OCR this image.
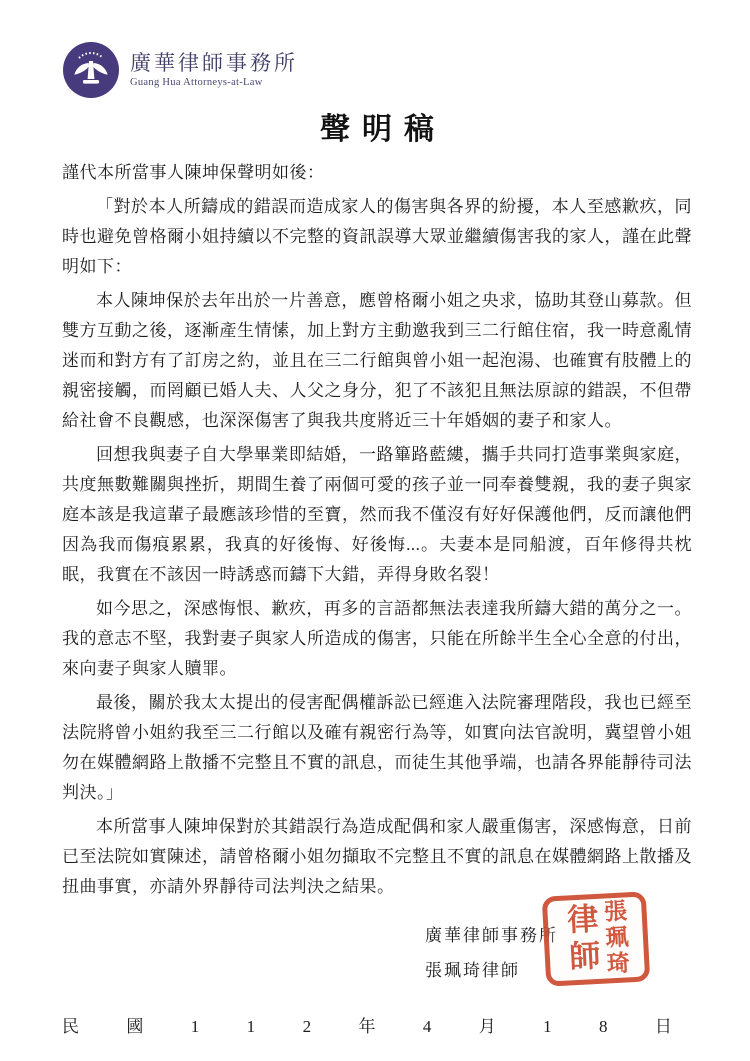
廣華律師事務所
Guang Hua Attorneys-at-Law
聲明稿

謹代本所當事人陳坤保聲明如後：

「對於本人所鑄成的錯誤而造成家人的傷害與各界的紛擾，本人至感歉疚，同時也避免曾格爾小姐持續以不完整的資訊誤導大眾並繼續傷害我的家人，謹在此聲明如下：

本人陳坤保於去年出於一片善意，應曾格爾小姐之央求，協助其登山募款。但雙方互動之後，逐漸產生情愫，加上對方主動邀我到三二行館住宿，我一時意亂情迷而和對方有了訂房之約，並且在三二行館與曾小姐一起泡湯、也確實有肢體上的親密接觸，而罔顧已婚人夫、人父之身分，犯了不該犯且無法原諒的錯誤，不但帶給社會不良觀感，也深深傷害了與我共度將近三十年婚姻的妻子和家人。

回想我與妻子自大學畢業即結婚，一路篳路藍縷，攜手共同打造事業與家庭，共度無數難關與挫折，期間生養了兩個可愛的孩子並一同奉養雙親，我的妻子與家庭本該是我這輩子最應該珍惜的至寶，然而我不僅沒有好好保護他們，反而讓他們因為我而傷痕累累，我真的好後悔、好後悔...。夫妻本是同船渡，百年修得共枕眠，我實在不該因一時誘惑而鑄下大錯，弄得身敗名裂！

如今思之，深感悔恨、歉疚，再多的言語都無法表達我所鑄大錯的萬分之一。我的意志不堅，我對妻子與家人所造成的傷害，只能在所餘半生全心全意的付出，來向妻子與家人贖罪。

最後，關於我太太提出的侵害配偶權訴訟已經進入法院審理階段，我也已經至法院將曾小姐約我至三二行館以及確有親密行為等，如實向法官說明，冀望曾小姐勿在媒體網路上散播不完整且不實的訊息，而徒生其他爭端，也請各界能靜待司法判決。」

本所當事人陳坤保對於其錯誤行為造成配偶和家人嚴重傷害，深感悔意，日前已至法院如實陳述，請曾格爾小姐勿擷取不完整且不實的訊息在媒體網路上散播及扭曲事實，亦請外界靜待司法判決之結果。

廣華律師事務所
張珮琦律師	律師 張珮琦
民	國	1	1	2	年	4	月	1	8	日
